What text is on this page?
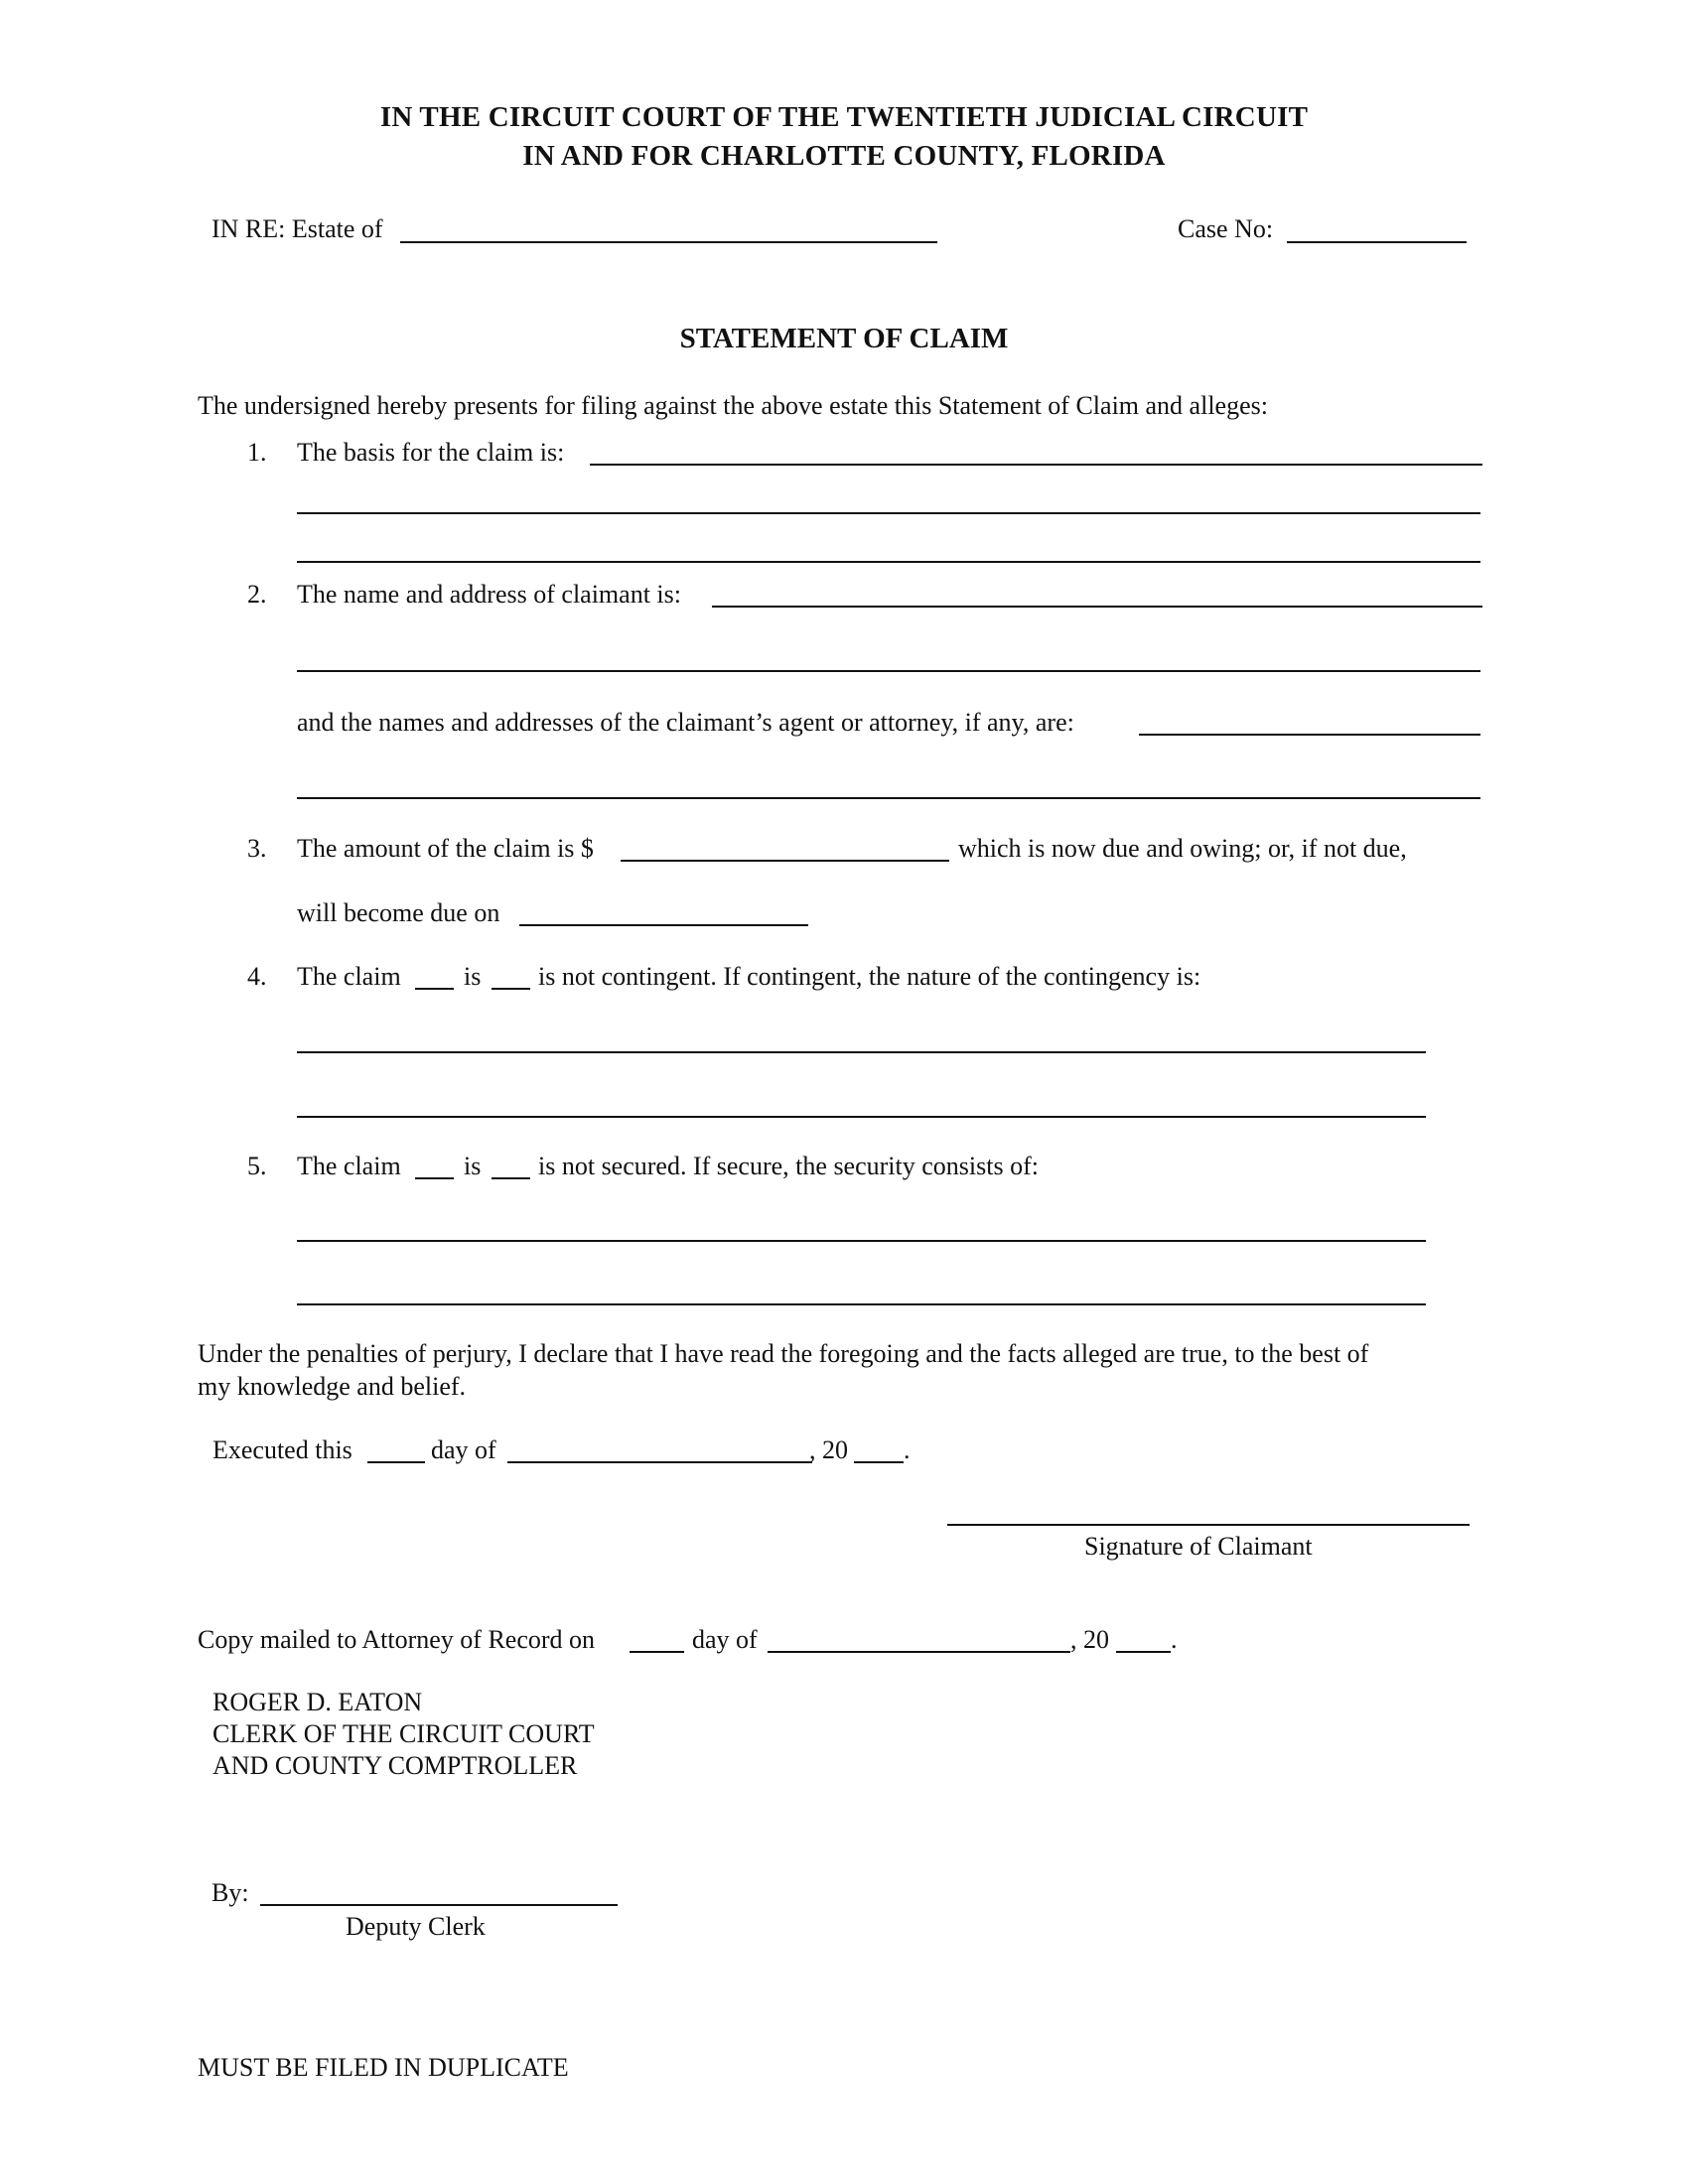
IN THE CIRCUIT COURT OF THE TWENTIETH JUDICIAL CIRCUIT
IN AND FOR CHARLOTTE COUNTY, FLORIDA
IN RE: Estate of	Case No:
STATEMENT OF CLAIM
The undersigned hereby presents for filing against the above estate this Statement of Claim and alleges:
1. The basis for the claim is:
2. The name and address of claimant is:
and the names and addresses of the claimant’s agent or attorney, if any, are:
3. The amount of the claim is $	which is now due and owing; or, if not due,
will become due on
4. The claim is is not contingent. If contingent, the nature of the contingency is:
5. The claim is is not secured. If secure, the security consists of:
Under the penalties of perjury, I declare that I have read the foregoing and the facts alleged are true, to the best of
my knowledge and belief.
Executed this	day of	, 20 .
Signature of Claimant
Copy mailed to Attorney of Record on	day of	, 20 .
ROGER D. EATON
CLERK OF THE CIRCUIT COURT
AND COUNTY COMPTROLLER
By:
Deputy Clerk
MUST BE FILED IN DUPLICATE
